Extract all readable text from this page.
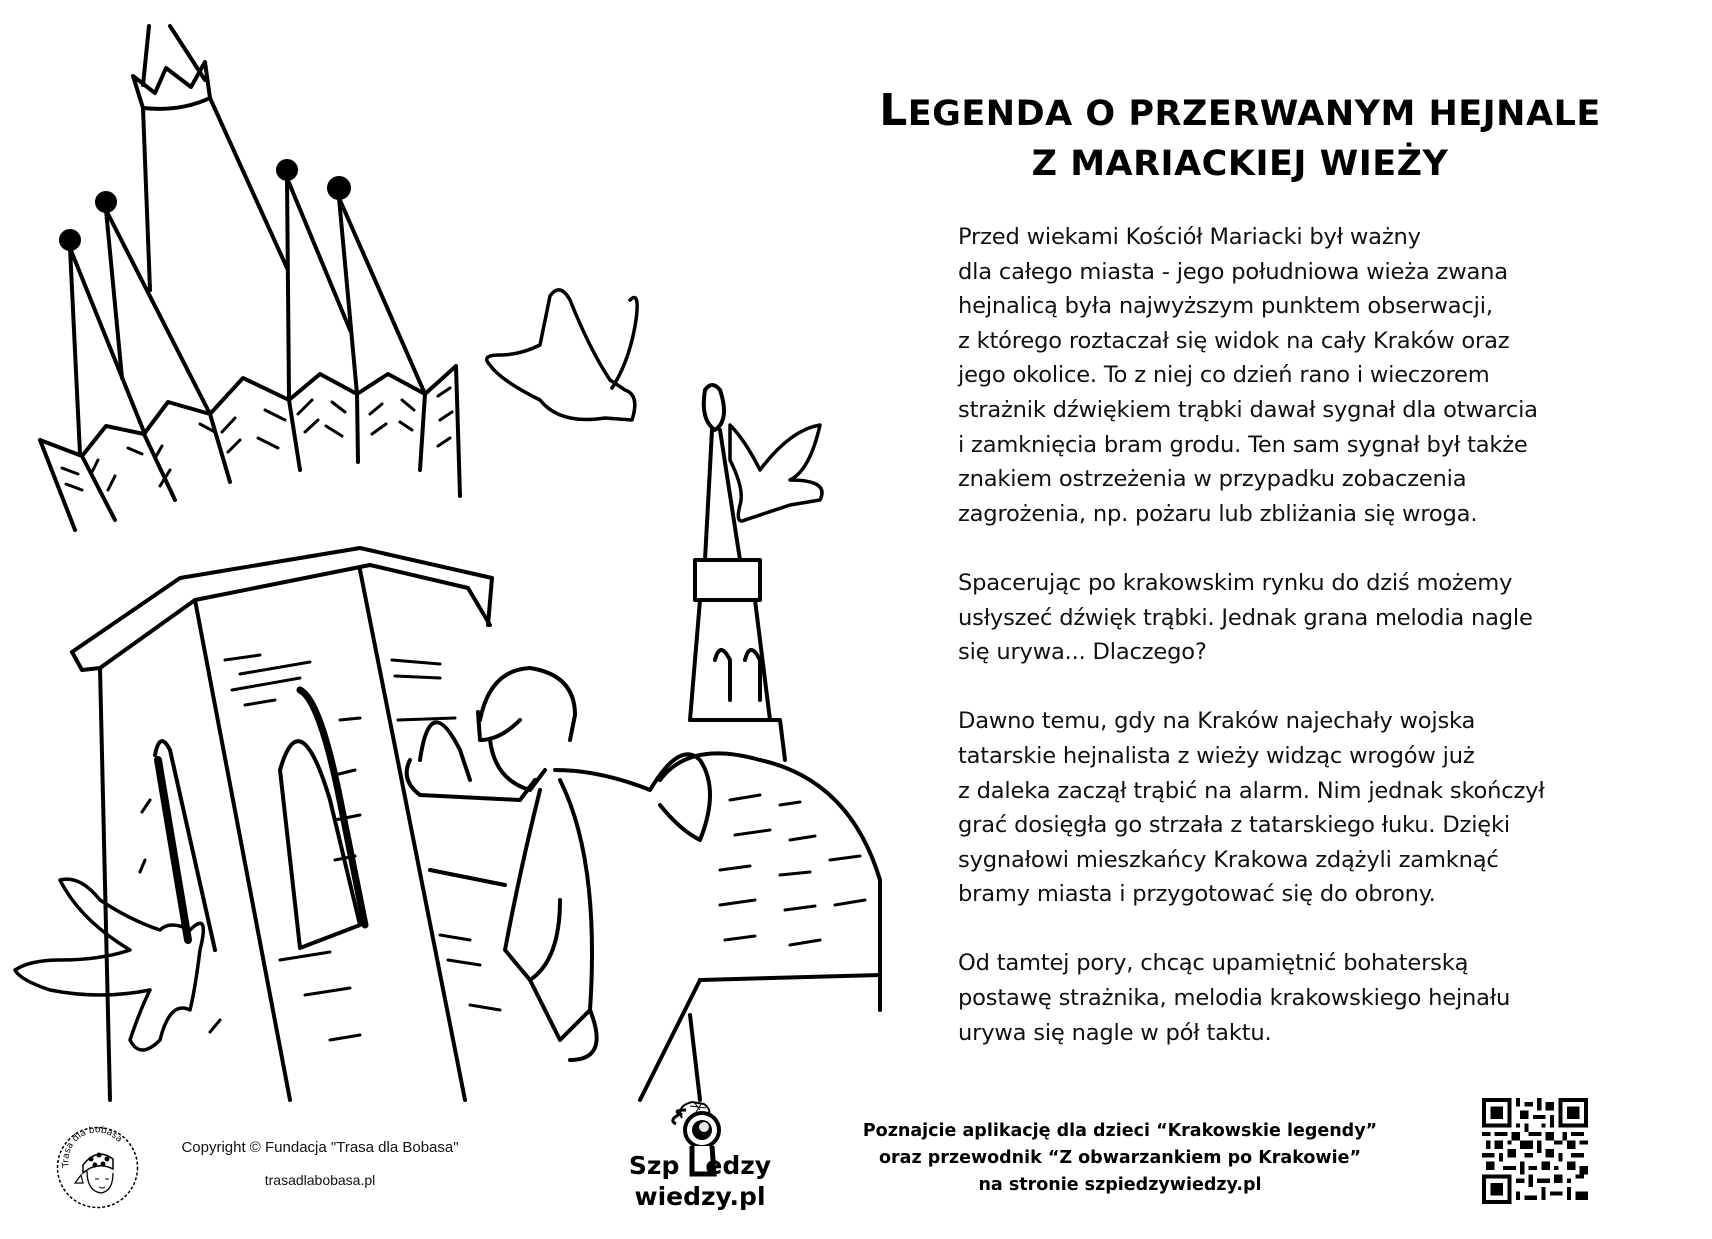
LEGENDA O PRZERWANYM HEJNALE
Z MARIACKIEJ WIEŻY

Przed wiekami Kościół Mariacki był ważny
dla całego miasta - jego południowa wieża zwana
hejnalicą była najwyższym punktem obserwacji,
z którego roztaczał się widok na cały Kraków oraz
jego okolice. To z niej co dzień rano i wieczorem
strażnik dźwiękiem trąbki dawał sygnał dla otwarcia
i zamknięcia bram grodu. Ten sam sygnał był także
znakiem ostrzeżenia w przypadku zobaczenia
zagrożenia, np. pożaru lub zbliżania się wroga.

Spacerując po krakowskim rynku do dziś możemy
usłyszeć dźwięk trąbki. Jednak grana melodia nagle
się urywa... Dlaczego?

Dawno temu, gdy na Kraków najechały wojska
tatarskie hejnalista z wieży widząc wrogów już
z daleka zaczął trąbić na alarm. Nim jednak skończył
grać dosięgła go strzała z tatarskiego łuku. Dzięki
sygnałowi mieszkańcy Krakowa zdążyli zamknąć
bramy miasta i przygotować się do obrony.

Od tamtej pory, chcąc upamiętnić bohaterską
postawę strażnika, melodia krakowskiego hejnału
urywa się nagle w pół taktu.

Trasa dla bobasa	Copyright © Fundacja "Trasa dla Bobasa"
trasadlabobasa.pl	Szp edzy
wiedzy.pl
Poznajcie aplikację dla dzieci “Krakowskie legendy”
oraz przewodnik “Z obwarzankiem po Krakowie”
na stronie szpiedzywiedzy.pl
